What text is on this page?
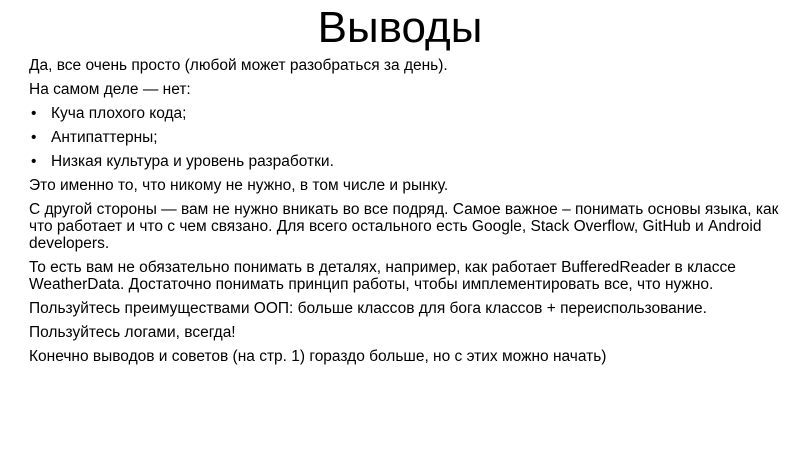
Выводы

Да, все очень просто (любой может разобраться за день).

На самом деле — нет:

• Куча плохого кода;
• Антипаттерны;
• Низкая культура и уровень разработки.

Это именно то, что никому не нужно, в том числе и рынку.

С другой стороны — вам не нужно вникать во все подряд. Самое важное – понимать основы языка, как что работает и что с чем связано. Для всего остального есть Google, Stack Overflow, GitHub и Android developers.

То есть вам не обязательно понимать в деталях, например, как работает BufferedReader в классе WeatherData. Достаточно понимать принцип работы, чтобы имплементировать все, что нужно.

Пользуйтесь преимуществами ООП: больше классов для бога классов + переиспользование.

Пользуйтесь логами, всегда!

Конечно выводов и советов (на стр. 1) гораздо больше, но с этих можно начать)
